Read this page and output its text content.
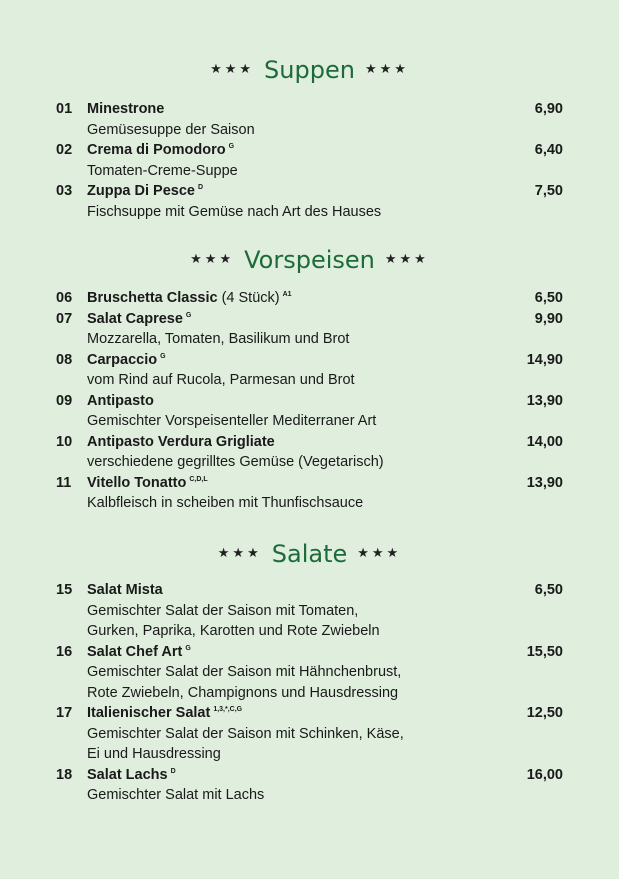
★★★ Suppen ★★★
01 Minestrone	6,90
Gemüsesuppe der Saison
02 Crema di Pomodoro $^G$	6,40
Tomaten-Creme-Suppe
03 Zuppa Di Pesce $^D$	7,50
Fischsuppe mit Gemüse nach Art des Hauses
★★★ Vorspeisen ★★★
06 Bruschetta Classic (4 Stück) $^{A1}$	6,50
07 Salat Caprese $^G$	9,90
Mozzarella, Tomaten, Basilikum und Brot
08 Carpaccio $^G$	14,90
vom Rind auf Rucola, Parmesan und Brot
09 Antipasto	13,90
Gemischter Vorspeisenteller Mediterraner Art
10 Antipasto Verdura Grigliate	14,00
verschiedene gegrilltes Gemüse (Vegetarisch)
11 Vitello Tonatto $^{C,D,L}$	13,90
Kalbfleisch in scheiben mit Thunfischsauce
★★★ Salate ★★★
15 Salat Mista	6,50
Gemischter Salat der Saison mit Tomaten,
Gurken, Paprika, Karotten und Rote Zwiebeln
16 Salat Chef Art $^G$	15,50
Gemischter Salat der Saison mit Hähnchenbrust,
Rote Zwiebeln, Champignons und Hausdressing
17 Italienischer Salat $^{1,3,*,C,G}$	12,50
Gemischter Salat der Saison mit Schinken, Käse,
Ei und Hausdressing
18 Salat Lachs $^D$	16,00
Gemischter Salat mit Lachs
